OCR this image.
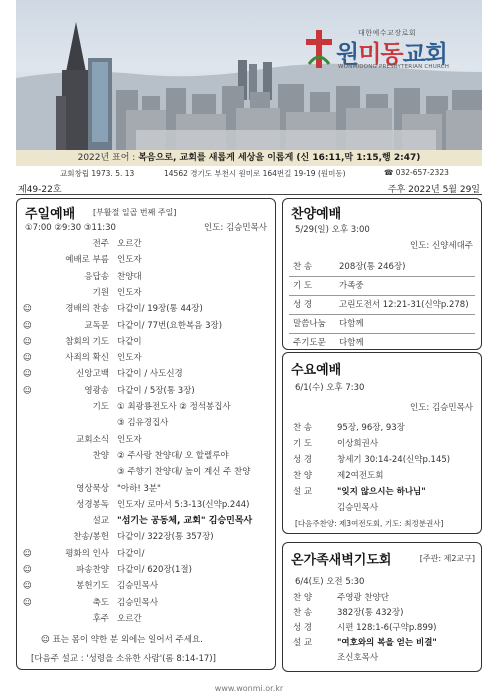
대한예수교장로회
원미동교회
WONMIDONG PRESBYTERIAN CHURCH
2022년 표어 : 복음으로, 교회를 새롭게 세상을 이롭게 (신 16:11,막 1:15,행 2:47)
교회창립 1973. 5. 13	14562 경기도 부천시 원미로 164번길 19-19 (원미동)	☎ 032-657-2323
제49-22호	주후 2022년 5월 29일
주일예배 [부활절 일곱 번째 주일]
①7:00 ②9:30 ③11:30	인도: 김승민목사
전주 오르간
예배로 부름 인도자
응답송 찬양대
기원 인도자
☺	경배의 찬송 다같이/ 19장(통 44장)
☺	교독문 다같이/ 77번(요한복음 3장)
☺	참회의 기도 다같이
☺	사죄의 확신 인도자
☺	신앙고백 다같이 / 사도신경
☺	영광송 다같이 / 5장(통 3장)
기도 ① 최광룡전도사 ② 정석봉집사
③ 김유경집사
교회소식 인도자
찬양 ② 주사랑 찬양대/ 오 할렐루야
③ 주향기 찬양대/ 높이 계신 주 찬양
영상묵상 "아하! 3분"
성경봉독 인도자/ 로마서 5:3-13(신약p.244)
설교 "섬기는 공동체, 교회" 김승민목사
찬송/봉헌 다같이/ 322장(통 357장)
☺	평화의 인사 다같이/
☺	파송찬양 다같이/ 620장(1절)
☺	봉헌기도 김승민목사
☺	축도 김승민목사
후주 오르간
☺ 표는 몸이 약한 분 외에는 일어서 주세요.
[다음주 설교 : '성령을 소유한 사람'(롬 8:14-17)]
찬양예배
5/29(일) 오후 3:00
인도: 신양세대주
찬 송	208장(통 246장)
기 도	가족중
성 경	고린도전서 12:21-31(신약p.278)
말씀나눔 다함께
주기도문 다함께
수요예배
6/1(수) 오후 7:30
인도: 김승민목사
찬 송	95장, 96장, 93장
기 도	이상희권사
성 경	창세기 30:14-24(신약p.145)
찬 양	제2여전도회
설 교	"잊지 않으시는 하나님"
김승민목사
[다음주찬양: 제3여전도회, 기도: 최정분권사]
온가족새벽기도회	[주관: 제2교구]
6/4(토) 오전 5:30
찬 양	주영광 찬양단
찬 송	382장(통 432장)
성 경	시편 128:1-6(구약p.899)
설 교	"여호와의 복을 얻는 비결"
조신호목사
www.wonmi.or.kr
